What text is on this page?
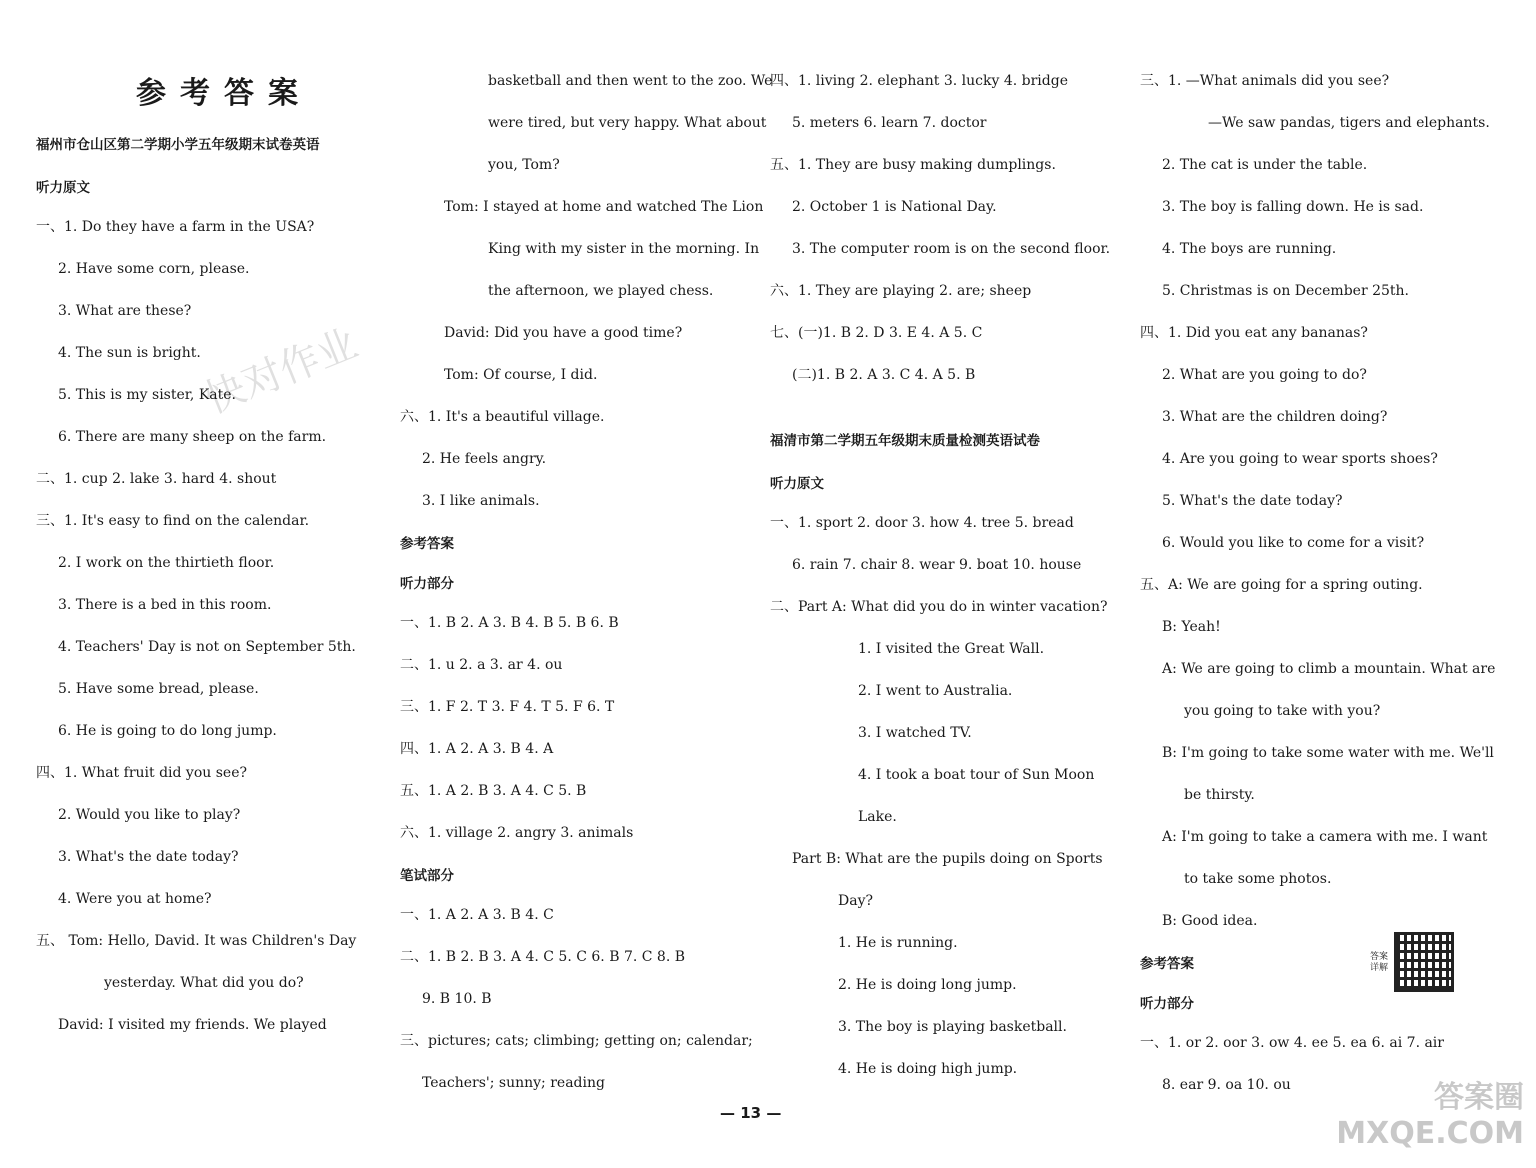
快对作业
参考答案
福州市仓山区第二学期小学五年级期末试卷英语
听力原文
一、1. Do they have a farm in the USA?
2. Have some corn, please.
3. What are these?
4. The sun is bright.
5. This is my sister, Kate.
6. There are many sheep on the farm.
二、1. cup 2. lake 3. hard 4. shout
三、1. It's easy to find on the calendar.
2. I work on the thirtieth floor.
3. There is a bed in this room.
4. Teachers' Day is not on September 5th.
5. Have some bread, please.
6. He is going to do long jump.
四、1. What fruit did you see?
2. Would you like to play?
3. What's the date today?
4. Were you at home?
五、 Tom: Hello, David. It was Children's Day
yesterday. What did you do?
David: I visited my friends. We played
basketball and then went to the zoo. We
were tired, but very happy. What about
you, Tom?
Tom: I stayed at home and watched The Lion
King with my sister in the morning. In
the afternoon, we played chess.
David: Did you have a good time?
Tom: Of course, I did.
六、1. It's a beautiful village.
2. He feels angry.
3. I like animals.
参考答案
听力部分
一、1. B 2. A 3. B 4. B 5. B 6. B
二、1. u 2. a 3. ar 4. ou
三、1. F 2. T 3. F 4. T 5. F 6. T
四、1. A 2. A 3. B 4. A
五、1. A 2. B 3. A 4. C 5. B
六、1. village 2. angry 3. animals
笔试部分
一、1. A 2. A 3. B 4. C
二、1. B 2. B 3. A 4. C 5. C 6. B 7. C 8. B
9. B 10. B
三、pictures; cats; climbing; getting on; calendar;
Teachers'; sunny; reading
四、1. living 2. elephant 3. lucky 4. bridge
5. meters 6. learn 7. doctor
五、1. They are busy making dumplings.
2. October 1 is National Day.
3. The computer room is on the second floor.
六、1. They are playing 2. are; sheep
七、(一)1. B 2. D 3. E 4. A 5. C
(二)1. B 2. A 3. C 4. A 5. B
福清市第二学期五年级期末质量检测英语试卷
听力原文
一、1. sport 2. door 3. how 4. tree 5. bread
6. rain 7. chair 8. wear 9. boat 10. house
二、Part A: What did you do in winter vacation?
1. I visited the Great Wall.
2. I went to Australia.
3. I watched TV.
4. I took a boat tour of Sun Moon
Lake.
Part B: What are the pupils doing on Sports
Day?
1. He is running.
2. He is doing long jump.
3. The boy is playing basketball.
4. He is doing high jump.
三、1. —What animals did you see?
—We saw pandas, tigers and elephants.
2. The cat is under the table.
3. The boy is falling down. He is sad.
4. The boys are running.
5. Christmas is on December 25th.
四、1. Did you eat any bananas?
2. What are you going to do?
3. What are the children doing?
4. Are you going to wear sports shoes?
5. What's the date today?
6. Would you like to come for a visit?
五、A: We are going for a spring outing.
B: Yeah!
A: We are going to climb a mountain. What are
you going to take with you?
B: I'm going to take some water with me. We'll
be thirsty.
A: I'm going to take a camera with me. I want
to take some photos.
B: Good idea.
参考答案
听力部分
一、1. or 2. oor 3. ow 4. ee 5. ea 6. ai 7. air
8. ear 9. oa 10. ou
答案详解
— 13 —	答案圈 MXQE.COM
